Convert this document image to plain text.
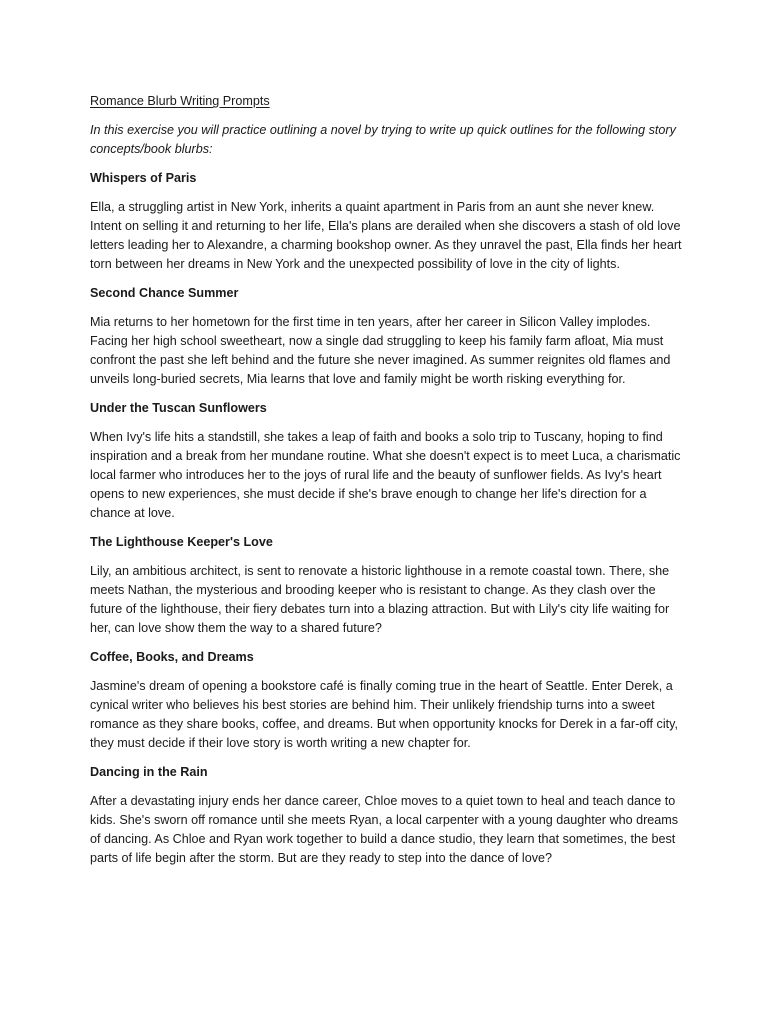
Romance Blurb Writing Prompts

In this exercise you will practice outlining a novel by trying to write up quick outlines for the following story concepts/book blurbs:

Whispers of Paris

Ella, a struggling artist in New York, inherits a quaint apartment in Paris from an aunt she never knew. Intent on selling it and returning to her life, Ella's plans are derailed when she discovers a stash of old love letters leading her to Alexandre, a charming bookshop owner. As they unravel the past, Ella finds her heart torn between her dreams in New York and the unexpected possibility of love in the city of lights.

Second Chance Summer

Mia returns to her hometown for the first time in ten years, after her career in Silicon Valley implodes. Facing her high school sweetheart, now a single dad struggling to keep his family farm afloat, Mia must confront the past she left behind and the future she never imagined. As summer reignites old flames and unveils long-buried secrets, Mia learns that love and family might be worth risking everything for.

Under the Tuscan Sunflowers

When Ivy's life hits a standstill, she takes a leap of faith and books a solo trip to Tuscany, hoping to find inspiration and a break from her mundane routine. What she doesn't expect is to meet Luca, a charismatic local farmer who introduces her to the joys of rural life and the beauty of sunflower fields. As Ivy's heart opens to new experiences, she must decide if she's brave enough to change her life's direction for a chance at love.

The Lighthouse Keeper's Love

Lily, an ambitious architect, is sent to renovate a historic lighthouse in a remote coastal town. There, she meets Nathan, the mysterious and brooding keeper who is resistant to change. As they clash over the future of the lighthouse, their fiery debates turn into a blazing attraction. But with Lily's city life waiting for her, can love show them the way to a shared future?

Coffee, Books, and Dreams

Jasmine's dream of opening a bookstore café is finally coming true in the heart of Seattle. Enter Derek, a cynical writer who believes his best stories are behind him. Their unlikely friendship turns into a sweet romance as they share books, coffee, and dreams. But when opportunity knocks for Derek in a far-off city, they must decide if their love story is worth writing a new chapter for.

Dancing in the Rain

After a devastating injury ends her dance career, Chloe moves to a quiet town to heal and teach dance to kids. She's sworn off romance until she meets Ryan, a local carpenter with a young daughter who dreams of dancing. As Chloe and Ryan work together to build a dance studio, they learn that sometimes, the best parts of life begin after the storm. But are they ready to step into the dance of love?
